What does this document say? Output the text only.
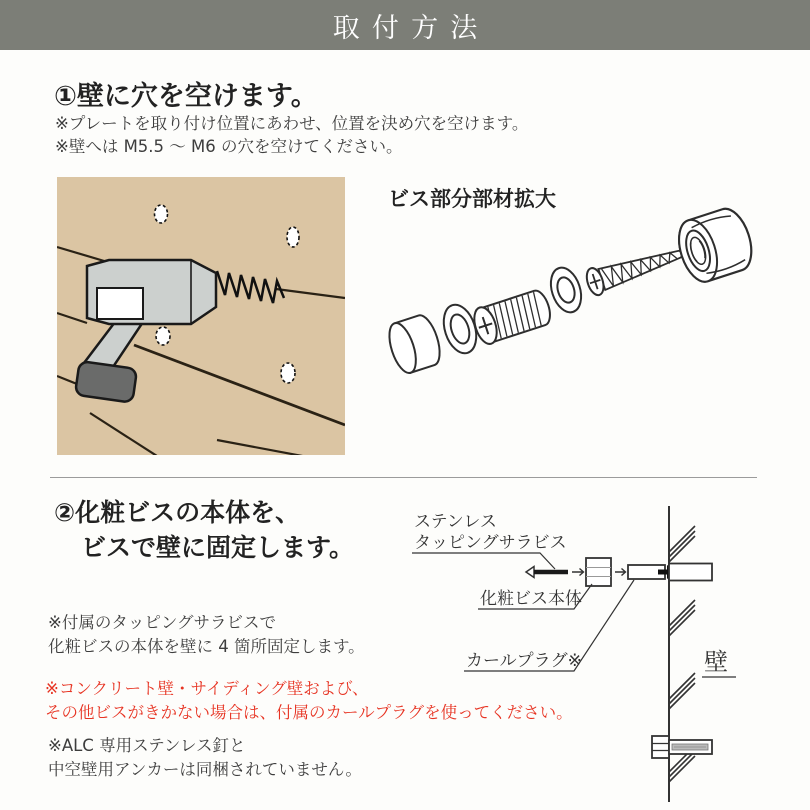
取付方法
①壁に穴を空けます。
※プレートを取り付け位置にあわせ、位置を決め穴を空けます。
※壁へは M5.5 ～ M6 の穴を空けてください。
ビス部分部材拡大
②化粧ビスの本体を、
ビスで壁に固定します。
※付属のタッピングサラビスで
化粧ビスの本体を壁に 4 箇所固定します。
※コンクリート壁・サイディング壁および、
その他ビスがきかない場合は、付属のカールプラグを使ってください。
※ALC 専用ステンレス釘と
中空壁用アンカーは同梱されていません。
ステンレス
タッピングサラビス
化粧ビス本体
カールプラグ※	壁
